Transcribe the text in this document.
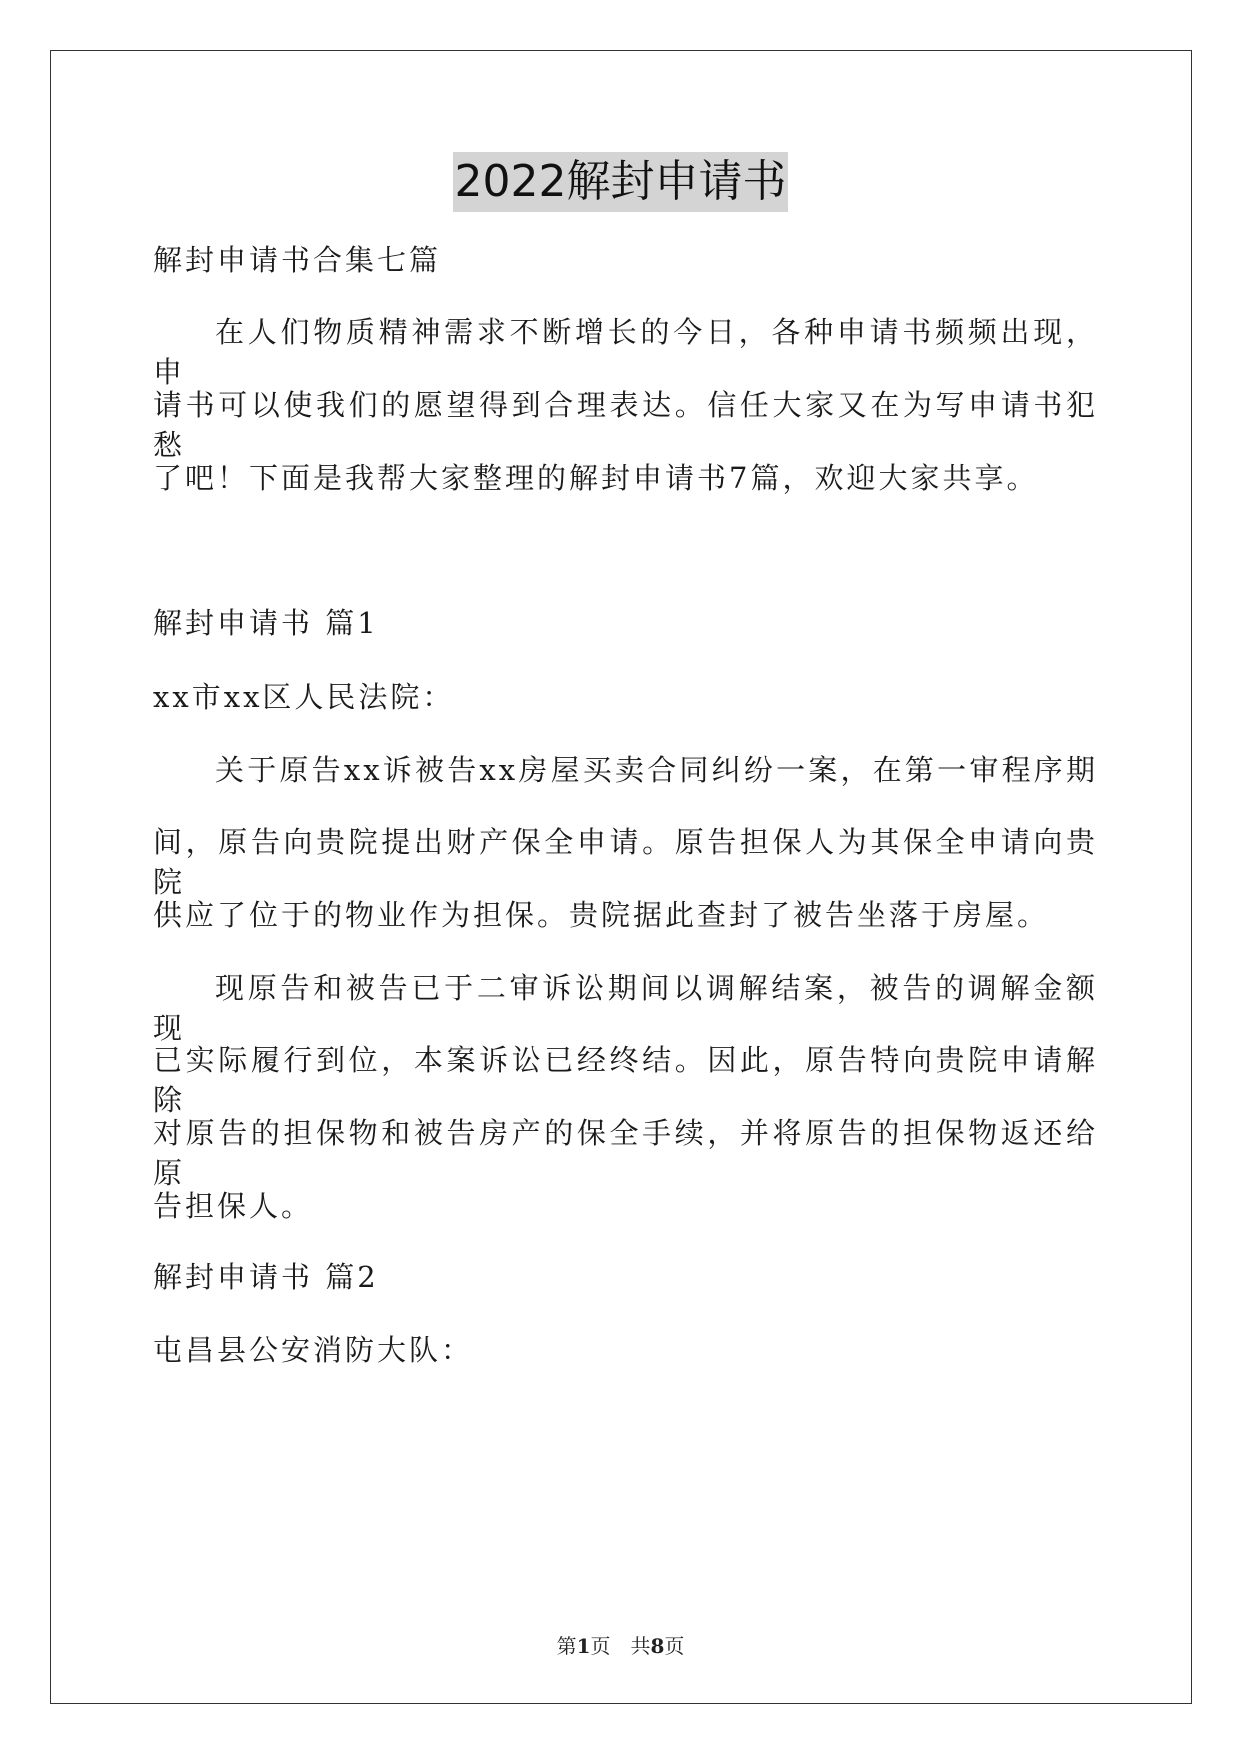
2022解封申请书
解封申请书合集七篇
在人们物质精神需求不断增长的今日，各种申请书频频出现，申
请书可以使我们的愿望得到合理表达。信任大家又在为写申请书犯愁
了吧！下面是我帮大家整理的解封申请书7篇，欢迎大家共享。
解封申请书 篇1
xx市xx区人民法院：
关于原告xx诉被告xx房屋买卖合同纠纷一案，在第一审程序期
间，原告向贵院提出财产保全申请。原告担保人为其保全申请向贵院
供应了位于的物业作为担保。贵院据此查封了被告坐落于房屋。
现原告和被告已于二审诉讼期间以调解结案，被告的调解金额现
已实际履行到位，本案诉讼已经终结。因此，原告特向贵院申请解除
对原告的担保物和被告房产的保全手续，并将原告的担保物返还给原
告担保人。
解封申请书 篇2
屯昌县公安消防大队：
第1页　共8页
